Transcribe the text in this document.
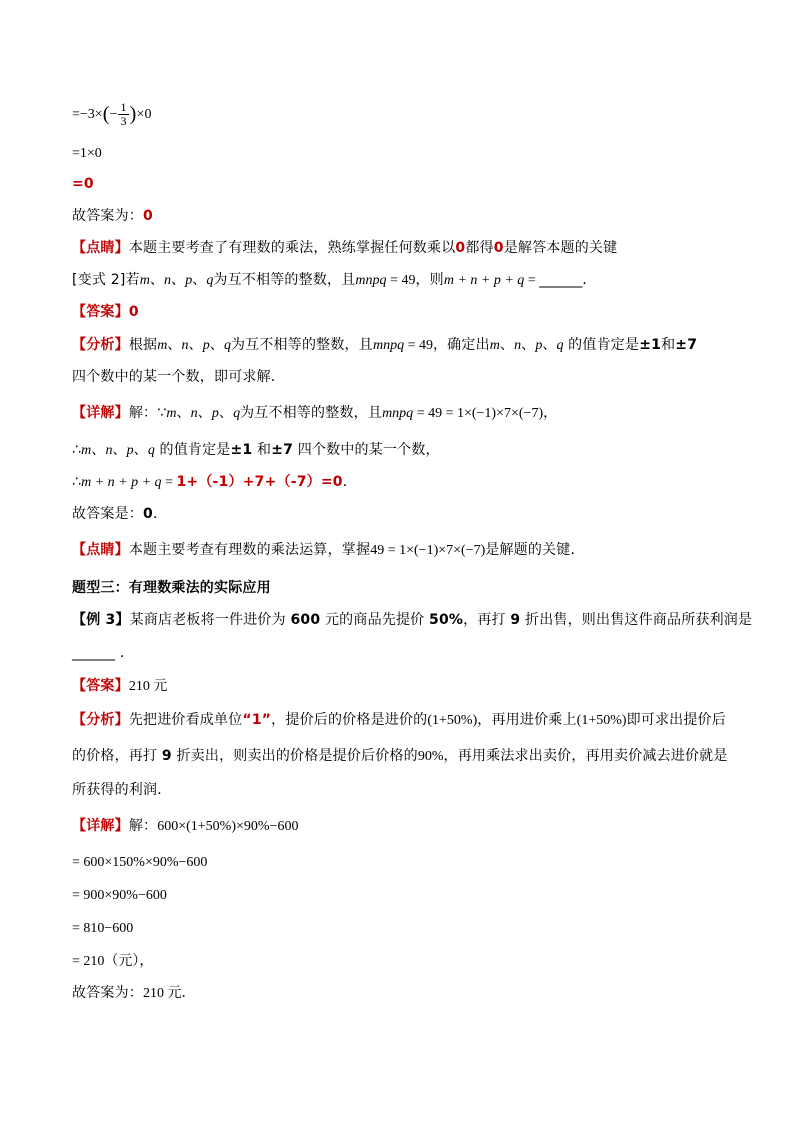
$=-3\times(- \frac{1}{3} )\times 0$
=1×0
=0
故答案为：0
【点睛】本题主要考查了有理数的乘法，熟练掌握任何数乘以0都得0是解答本题的关键
[变式 2]若m、n、p、q为互不相等的整数，且mnpq = 49，则m + n + p + q = ______．
【答案】0
【分析】根据m、n、p、q为互不相等的整数，且mnpq = 49，确定出m、n、p、q 的值肯定是±1和±7
四个数中的某一个数，即可求解．
【详解】解：∵m、n、p、q为互不相等的整数，且mnpq = 49 = 1×(−1)×7×(−7)，
∴m、n、p、q 的值肯定是±1 和±7 四个数中的某一个数，
∴m + n + p + q = 1+（-1）+7+（-7）=0．
故答案是：0．
【点睛】本题主要考查有理数的乘法运算，掌握49 = 1×(−1)×7×(−7)是解题的关键．
题型三：有理数乘法的实际应用
【例 3】某商店老板将一件进价为 600 元的商品先提价 50%，再打 9 折出售，则出售这件商品所获利润是
______ ．
【答案】210 元
【分析】先把进价看成单位“1”，提价后的价格是进价的(1+50%)，再用进价乘上(1+50%)即可求出提价后
的价格，再打 9 折卖出，则卖出的价格是提价后价格的90%，再用乘法求出卖价，再用卖价减去进价就是
所获得的利润．
【详解】解：600×(1+50%)×90%−600
= 600×150%×90%−600
= 900×90%−600
= 810−600
= 210（元），
故答案为：210 元．
